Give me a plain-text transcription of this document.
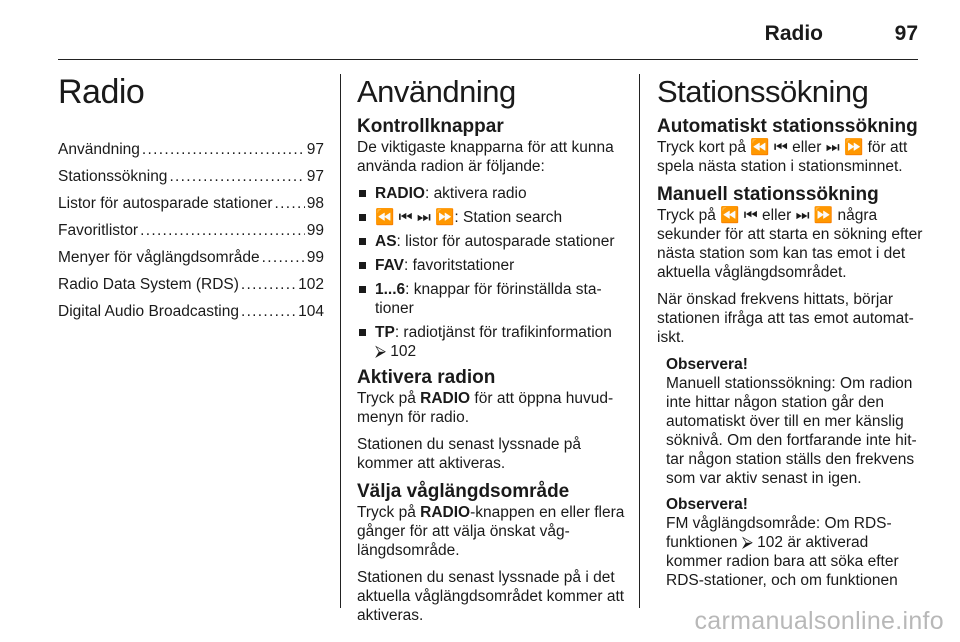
Radio	97
Radio
Användning . . .	97
Stationssökning . . .	97
Listor för autosparade stationer . . . 98
Favoritlistor . . .	99
Menyer för våglängdsområde . . .	99
Radio Data System (RDS) . . .	102
Digital Audio Broadcasting . . .	104
Användning
Kontrollknappar

De viktigaste knapparna för att kunna använda radion är följande:

RADIO: aktivera radio
⏪ ⏮ ⏭ ⏩: Station search
AS: listor för autosparade stationer
FAV: favoritstationer
1...6: knappar för förinställda sta- tioner
TP: radiotjänst för trafikinformation ⮚ 102
Aktivera radion

Tryck på RADIO för att öppna huvud- menyn för radio.

Stationen du senast lyssnade på kommer att aktiveras.

Välja våglängdsområde

Tryck på RADIO-knappen en eller flera gånger för att välja önskat våg- längdsområde.

Stationen du senast lyssnade på i det aktuella våglängdsområdet kommer att aktiveras.

Stationssökning
Automatiskt stationssökning

Tryck kort på ⏪ ⏮ eller ⏭ ⏩ för att spela nästa station i stationsminnet.

Manuell stationssökning

Tryck på ⏪ ⏮ eller ⏭ ⏩ några sekunder för att starta en sökning efter nästa station som kan tas emot i det aktuella våglängdsområdet.

När önskad frekvens hittats, börjar stationen ifråga att tas emot automat- iskt.

Observera!

Manuell stationssökning: Om radion inte hittar någon station går den automatiskt över till en mer känslig söknivå. Om den fortfarande inte hit- tar någon station ställs den frekvens som var aktiv senast in igen.

Observera!

FM våglängdsområde: Om RDS- funktionen ⮚ 102 är aktiverad kommer radion bara att söka efter RDS-stationer, och om funktionen

carmanualsonline.info
